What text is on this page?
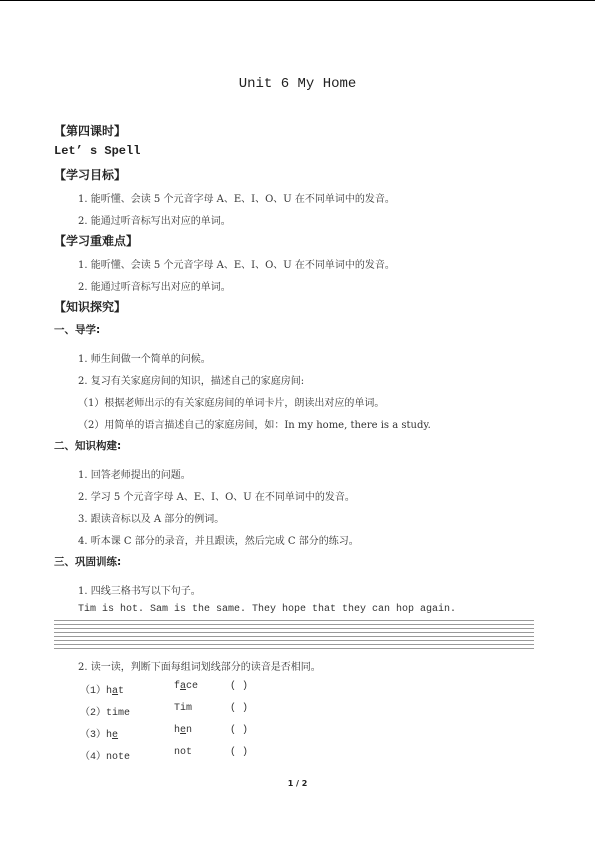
Unit 6 My Home
【第四课时】
Let’ s Spell
【学习目标】
1. 能听懂、会读 5 个元音字母 A、E、I、O、U 在不同单词中的发音。
2. 能通过听音标写出对应的单词。
【学习重难点】
1. 能听懂、会读 5 个元音字母 A、E、I、O、U 在不同单词中的发音。
2. 能通过听音标写出对应的单词。
【知识探究】
一、导学:
1. 师生间做一个简单的问候。
2. 复习有关家庭房间的知识，描述自己的家庭房间:
（1）根据老师出示的有关家庭房间的单词卡片，朗读出对应的单词。
（2）用简单的语言描述自己的家庭房间，如：In my home, there is a study.
二、知识构建:
1. 回答老师提出的问题。
2. 学习 5 个元音字母 A、E、I、O、U 在不同单词中的发音。
3. 跟读音标以及 A 部分的例词。
4. 听本课 C 部分的录音，并且跟读，然后完成 C 部分的练习。
三、巩固训练:
1. 四线三格书写以下句子。
Tim is hot. Sam is the same. They hope that they can hop again.
2. 读一读，判断下面每组词划线部分的读音是否相同。
（1）hat	face	( )
（2）time	Tim	( )
（3）he	hen	( )
（4）note	not	( )
1 / 2
